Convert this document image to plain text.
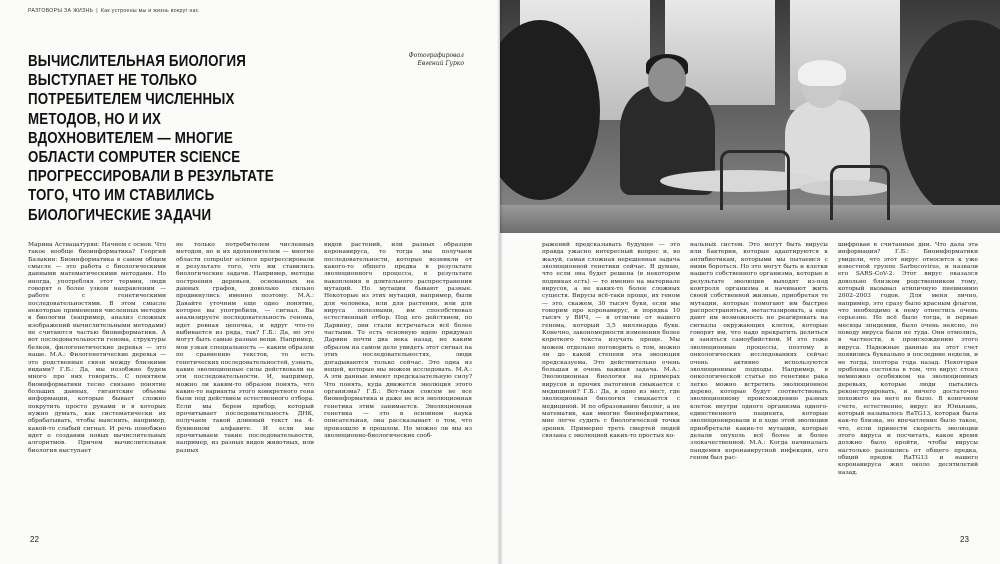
РАЗГОВОРЫ ЗА ЖИЗНЬ | Как устроены мы и жизнь вокруг нас
ВЫЧИСЛИТЕЛЬНАЯ БИОЛОГИЯ ВЫСТУПАЕТ НЕ ТОЛЬКО ПОТРЕБИТЕЛЕМ ЧИСЛЕННЫХ МЕТОДОВ, НО И ИХ ВДОХНОВИТЕЛЕМ — МНОГИЕ ОБЛАСТИ COMPUTER SCIENCE ПРОГРЕССИРОВАЛИ В РЕЗУЛЬТАТЕ ТОГО, ЧТО ИМ СТАВИЛИСЬ БИОЛОГИЧЕСКИЕ ЗАДАЧИ
Фотографировал
Евгений Гурко
Марина Аствацатурян: Начнем с основ. Что такое вообще биоинформатика? Георгий Базыкин: Биоинформатика в самом общем смысле — это работа с биологическими данными математическими методами. Но иногда, употребляя этот термин, люди говорят о более узком направлении — работе с генетическими последовательностями. В этом смысле некоторые применения численных методов в биологии (например, анализ сложных изображений вычислительными методами) не считаются частью биоинформатики. А вот последовательности генома, структуры белков, филогенетические деревья — это наше. М.А.: Филогенетические деревья — это родственные связи между близкими видами? Г.Б.: Да, мы нозобжно будем много про них говорить. С понятием биоинформатики тесно связано понятие больших данных, гигантские объемы информации, которые бывает сложно покрутить просто руками и в которых нужно думать, как систематически их обрабатывать, чтобы выяснить, например, какой-то слабый сигнал. И речь понобжно идет о создании новых вычислительных алгоритмов. Причем вычислительная биология выступает
не только потребителем численных методов, но и их вдохновителем — многие области computer science прогрессировали в результате того, что им ставились биологические задачи. Например, методы построения деревьев, основанных на данных графов, довольно сильно продвинулись именно поэтому. М.А.: Давайте уточним еще одно понятие, которое вы употребили, — сигнал. Вы анализируете последовательность генома, идет ровная цепочка, и вдруг что-то выбивается из ряда, так? Г.Б.: Да, но это могут быть самые разные вещи. Например, мои узкая специальность — каким образом по сравнению текстов, то есть генетических последовательностей, узнать, какие эволюционные силы действовали на эти последовательности. И, например, можно ли каким-то образом понять, что какие-то варианты этого конкретного гена были под действием естественного отбора. Если мы берем прибор, который прочитывает последовательность ДНК, получаем такой длинный текст на 4-буквенном алфавите. И если мы прочитываем такие последовательности, например, из разных видов животных, или разных
видов растений, или разных образцов коронавируса, то тогда мы получаем последовательности, которые возникли от какого-то общего предка в результате эволюционного процесса, в результате накопления в длительного распространения мутаций. Но мутации бывают разные. Некоторые из этих мутаций, например, были для человека, или для растения, или для вируса полезными, им способствовал естественный отбор. Под его действием, по Дарвину, они стали встречаться всё более частыми. То есть основную идею придумал Дарвин почти два века назад, но каким образом на самом деле увидеть этот сигнал на этих последовательностях, люди догадываются только сейчас. Это одна из вещей, которые мы можем исследовать. М.А.: А эти данные имеют предсказательную силу? Что понять, куда движется эволюция этого организма? Г.Б.: Вот-таки совсем не все биоинформатика и даже не вся эволюционная генетика этим занимается. Эволюционная генетика — это в основном наука описательная, она рассказывает о том, что произошло в прошлом. Но можно ли мы из эволюционно-биологических сооб-
22
ражений предсказывать будущее — это правда ужасно интересный вопрос и, во жалуй, самая сложная нерешенная задача эволюционной генетики сейчас. Я думаю, что если она будет решена (в некотором подниках есть) — то именно на материале вирусов, а не каких-то более сложных существ. Вирусы всё-таки проще, их геном — это, скажем, 30 тысяч букв, если мы говорим про коронавирус, и порядка 10 тысяч у ВИЧ, — в отличие от нашего генома, который 3,5 миллиарда букв. Конечно, закономерности изменения более короткого текста изучать проще. Мы можем отдельно поговорить о том, можно ли до какой степени эта эволюция предсказуема. Это действительно очень большая и очень важная задача. М.А.: Эволюционная биология на примерах вирусов и прочих патогенов смыкается с медициной? Г.Б.: Да, в одно из мест, где эволюционная биология смыкается с медициной. И по образованию биолог, а не математик, как многие биоинформатики, мне легче судить с биологической точки зрения. Примерно треть смертей людей связана с эволюцией каких-то простых ко-
нальных систем. Это могут быть вирусы или бактерии, которые адаптируются к антибиотикам, которыми мы пытаемся с ними бороться. Но это могут быть и клетки нашего собственного организма, которые в результате эволюции выходят из-под контроля организма и начинают жить своей собственной жизнью, приобретая те мутации, которые помогают им быстрее распространяться, метастазировать, а еще дают им возможность не реагировать на сигналы окружающих клеток, которые говорят им, что надо прекратить делиться и заняться самоубийством. И это тоже эволюционные процессы, поэтому в онкологических исследованиях сейчас очень активно используются эволюционные подходы. Например, в онкологической статье по генетике рака легко можно встретить эволюционное дерево, которые будут соответствовать эволюционному происхождению разных клеток внутри одного организма одного-единственного пациента, которые эволюционировали и в ходе этой эволюции приобретали какие-то мутации, которые делали опухоль всё более и более злокачественной. М.А.: Когда начиналась пандемия коронавирусной инфекции, его геном был рас-
шифрован в считанные дни. Что дала эта информация? Г.Б.: Биоинформатики увидели, что этот вирус относится к уже известной группе Sarbecovirus, и назвали его SARS-CoV-2. Этот вирус оказался довольно близком родственником тому, который вызывал атипичную пневмонию 2002–2003 годов. Для меня лично, например, это сразу было красным флагом, что необходимо к нему отнестись очень серьезно. Но всё было тогда, в первые месяцы эпидемии, было очень неясно, по поводу вируса были не туда. Они отмолись, в частности, к происхождению этого вируса. Надежные данные на этот счет появились буквально в последние недели, и не тогда, полтора года назад. Некоторая проблема состояла в том, что вирус стоял немножко особняком на эволюционных деревьях, которые люди пытались реконструировать, и ничего достаточно похожего на него не было. В конечном счете, естественно, вирус из Юньнань, который называлось RaTG13, которая была как-то близка, но впечатление было такое, что, если принести скорость эволюции этого вируса и посчитать, какое время должно было пройти, чтобы вирусы настолько разошлись от общего предка, общий предок RaTG13 и нашего коронавируса жил около десятилетий назад.
23
